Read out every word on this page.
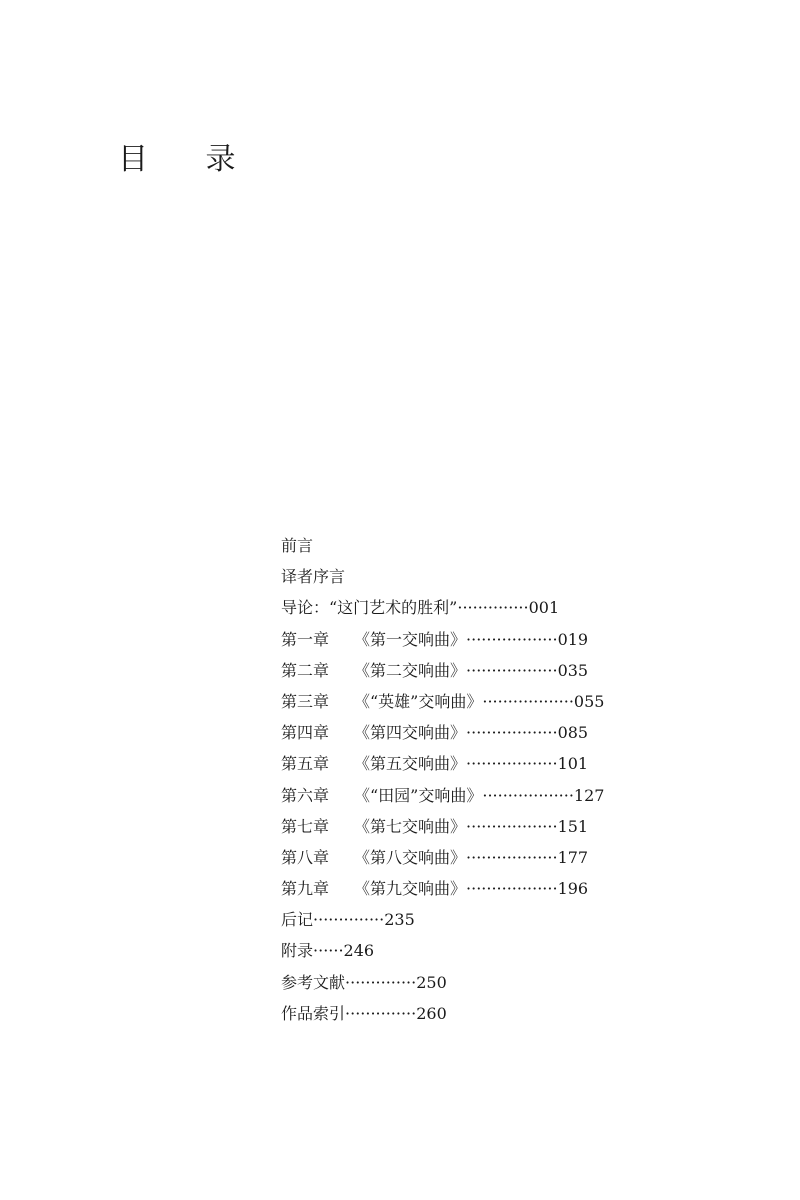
目 录
前言
译者序言
导论：“这门艺术的胜利”··············001
第一章 《第一交响曲》··················019
第二章 《第二交响曲》··················035
第三章 《“英雄”交响曲》··················055
第四章 《第四交响曲》··················085
第五章 《第五交响曲》··················101
第六章 《“田园”交响曲》··················127
第七章 《第七交响曲》··················151
第八章 《第八交响曲》··················177
第九章 《第九交响曲》··················196
后记··············235
附录······246
参考文献··············250
作品索引··············260
